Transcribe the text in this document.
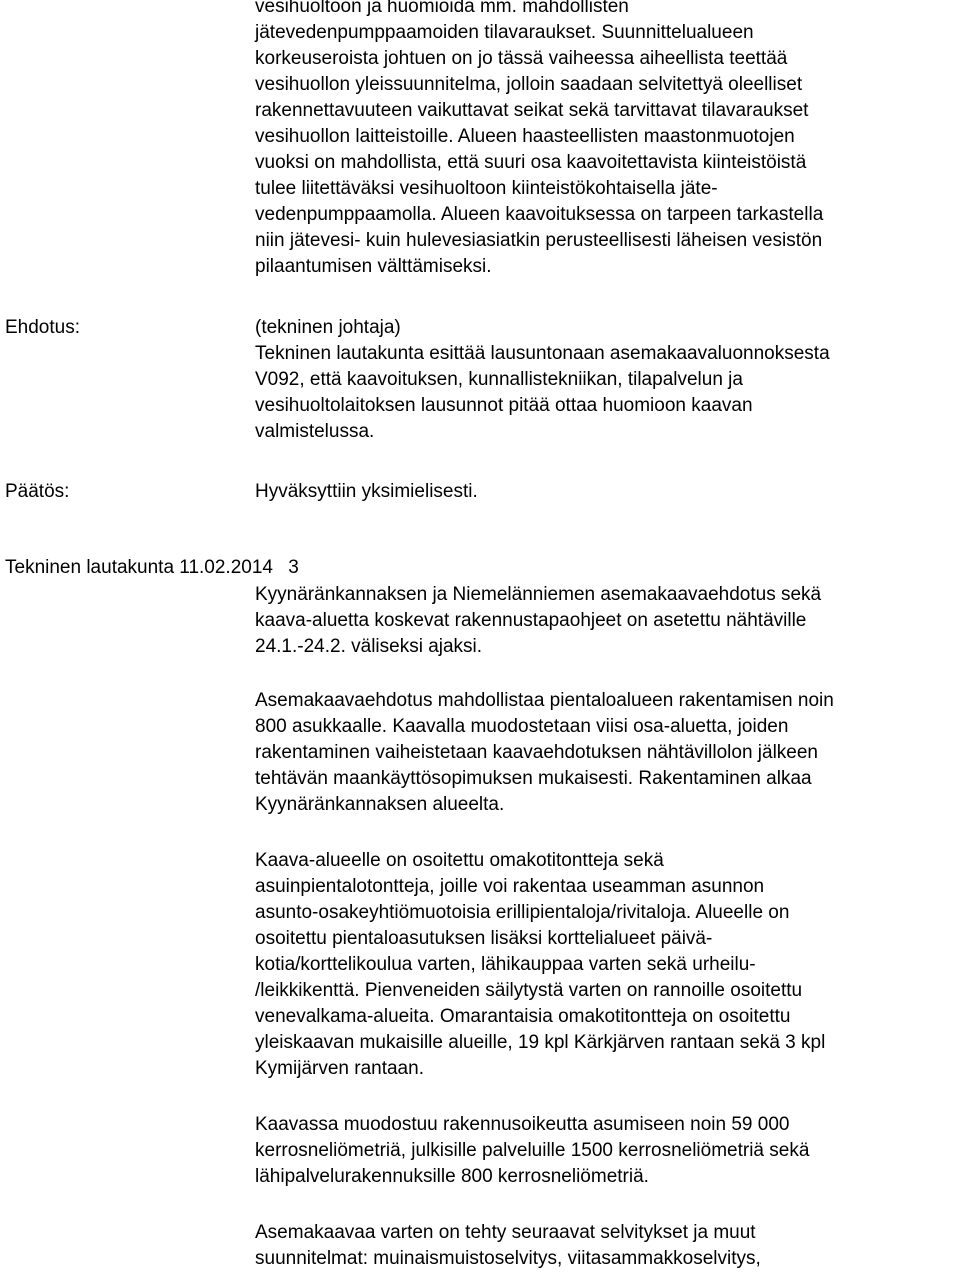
vesihuoltoon ja huomioida mm. mahdollisten
jätevedenpumppaamoiden tilavaraukset. Suunnittelualueen
korkeuseroista johtuen on jo tässä vaiheessa aiheellista teettää
vesihuollon yleissuunnitelma, jolloin saadaan selvitettyä oleelliset
rakennettavuuteen vaikuttavat seikat sekä tarvittavat tilavaraukset
vesihuollon laitteistoille. Alueen haasteellisten maastonmuotojen
vuoksi on mahdollista, että suuri osa kaavoitettavista kiinteistöistä
tulee liitettäväksi vesihuoltoon kiinteistökohtaisella jäte-
vedenpumppaamolla. Alueen kaavoituksessa on tarpeen tarkastella
niin jätevesi- kuin hulevesiasiatkin perusteellisesti läheisen vesistön
pilaantumisen välttämiseksi.
Ehdotus:	(tekninen johtaja)
Tekninen lautakunta esittää lausuntonaan asemakaavaluonnoksesta
V092, että kaavoituksen, kunnallistekniikan, tilapalvelun ja
vesihuoltolaitoksen lausunnot pitää ottaa huomioon kaavan
valmistelussa.
Päätös:	Hyväksyttiin yksimielisesti.
Tekninen lautakunta 11.02.2014 3
Kyynäränkannaksen ja Niemelänniemen asemakaavaehdotus sekä
kaava-aluetta koskevat rakennustapaohjeet on asetettu nähtäville
24.1.-24.2. väliseksi ajaksi.
Asemakaavaehdotus mahdollistaa pientaloalueen rakentamisen noin
800 asukkaalle. Kaavalla muodostetaan viisi osa-aluetta, joiden
rakentaminen vaiheistetaan kaavaehdotuksen nähtävillolon jälkeen
tehtävän maankäyttösopimuksen mukaisesti. Rakentaminen alkaa
Kyynäränkannaksen alueelta.
Kaava-alueelle on osoitettu omakotitontteja sekä
asuinpientalotontteja, joille voi rakentaa useamman asunnon
asunto-osakeyhtiömuotoisia erillipientaloja/rivitaloja. Alueelle on
osoitettu pientaloasutuksen lisäksi korttelialueet päivä-
kotia/korttelikoulua varten, lähikauppaa varten sekä urheilu-
/leikkikenttä. Pienveneiden säilytystä varten on rannoille osoitettu
venevalkama-alueita. Omarantaisia omakotitontteja on osoitettu
yleiskaavan mukaisille alueille, 19 kpl Kärkjärven rantaan sekä 3 kpl
Kymijärven rantaan.
Kaavassa muodostuu rakennusoikeutta asumiseen noin 59 000
kerrosneliömetriä, julkisille palveluille 1500 kerrosneliömetriä sekä
lähipalvelurakennuksille 800 kerrosneliömetriä.
Asemakaavaa varten on tehty seuraavat selvitykset ja muut
suunnitelmat: muinaismuistoselvitys, viitasammakkoselvitys,
